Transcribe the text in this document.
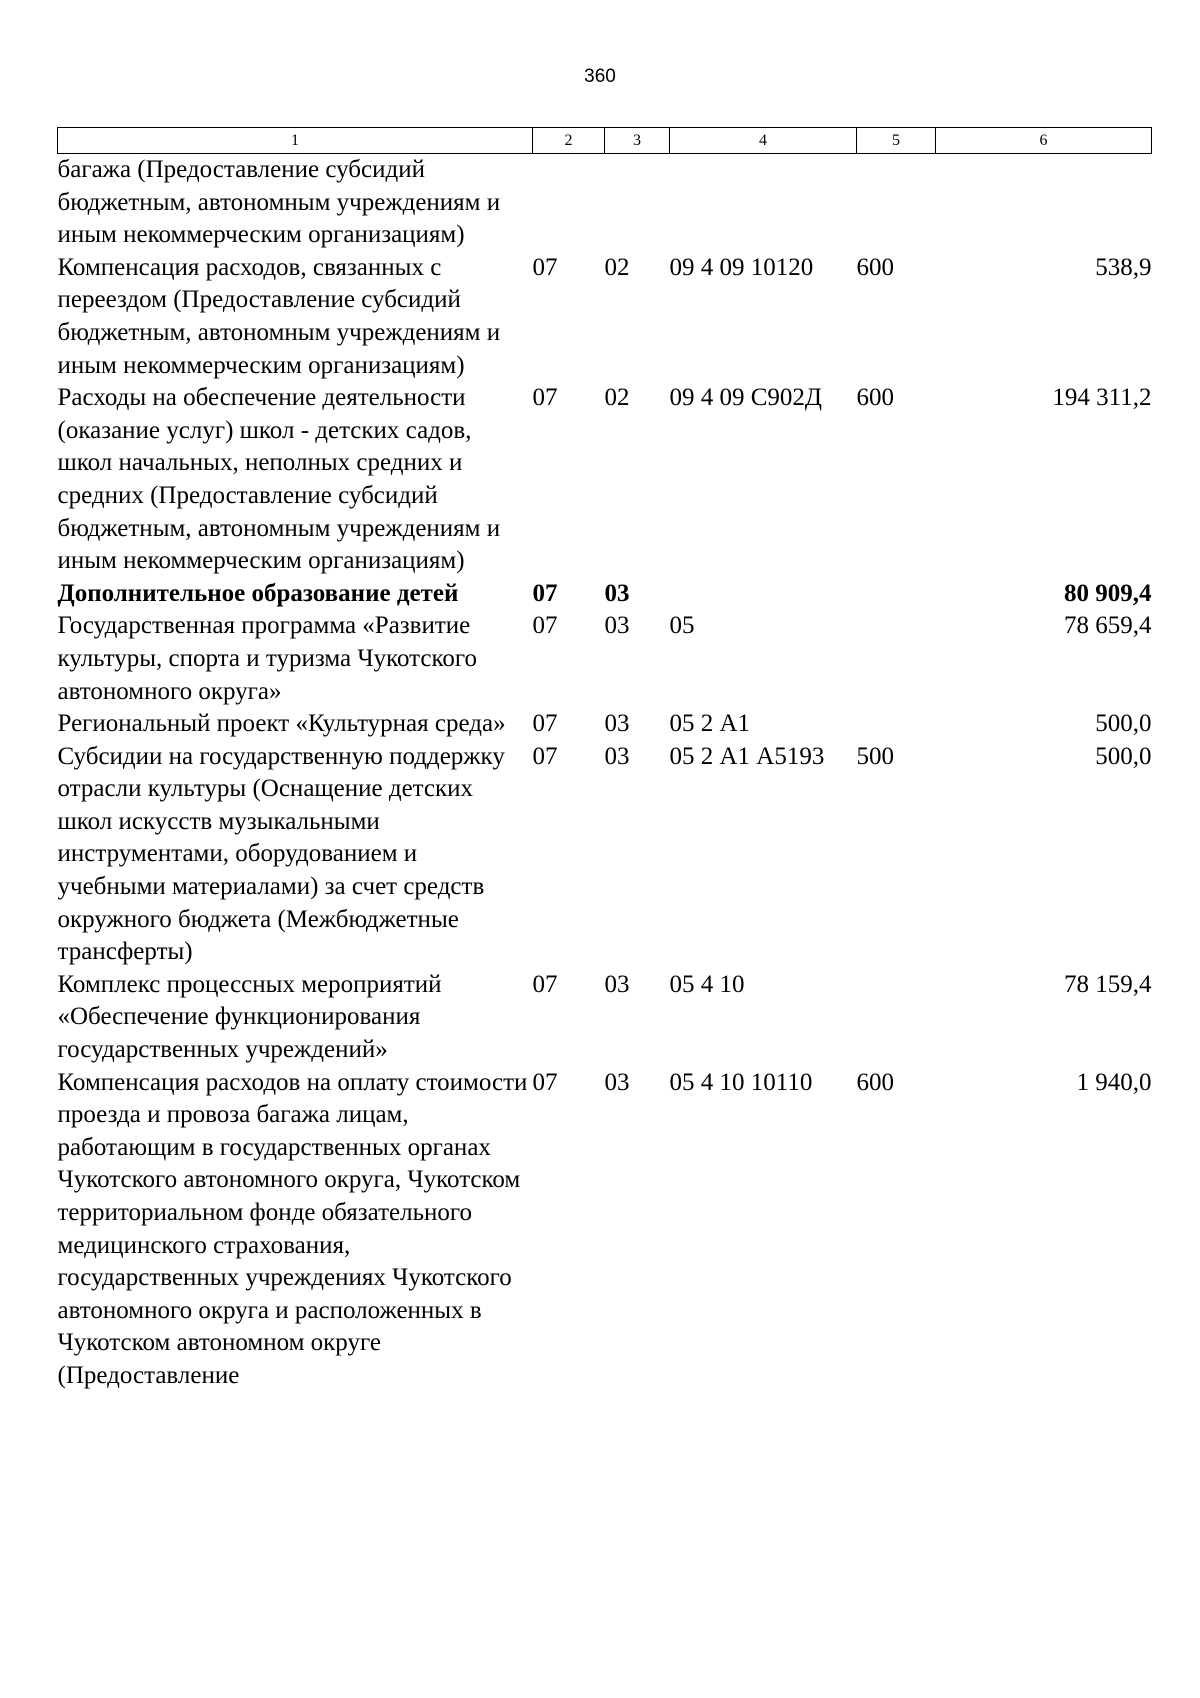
360
1	2	3	4	5	6
багажа (Предоставление субсидий бюджетным, автономным учреждениям и иным некоммерческим организациям)					
Компенсация расходов, связанных с переездом (Предоставление субсидий бюджетным, автономным учреждениям и иным некоммерческим организациям)	07	02	09 4 09 10120	600	538,9
Расходы на обеспечение деятельности (оказание услуг) школ - детских садов, школ начальных, неполных средних и средних (Предоставление субсидий бюджетным, автономным учреждениям и иным некоммерческим организациям)	07	02	09 4 09 С902Д	600	194 311,2
Дополнительное образование детей	07	03			80 909,4
Государственная программа «Развитие культуры, спорта и туризма Чукотского автономного округа»	07	03	05		78 659,4
Региональный проект «Культурная среда»	07	03	05 2 А1		500,0
Субсидии на государственную поддержку отрасли культуры (Оснащение детских школ искусств музыкальными инструментами, оборудованием и учебными материалами) за счет средств окружного бюджета (Межбюджетные трансферты)	07	03	05 2 А1 А5193	500	500,0
Комплекс процессных мероприятий «Обеспечение функционирования государственных учреждений»	07	03	05 4 10		78 159,4
Компенсация расходов на оплату стоимости проезда и провоза багажа лицам, работающим в государственных органах Чукотского автономного округа, Чукотском территориальном фонде обязательного медицинского страхования, государственных учреждениях Чукотского автономного округа и расположенных в Чукотском автономном округе (Предоставление	07	03	05 4 10 10110	600	1 940,0
